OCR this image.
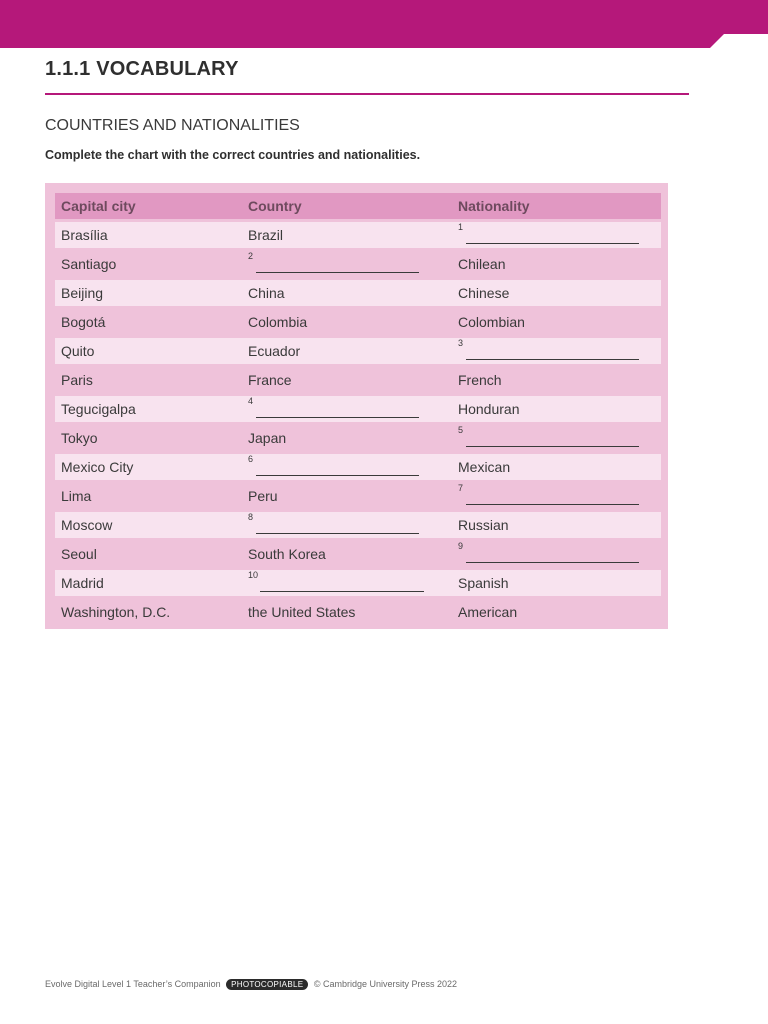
1.1.1 VOCABULARY
COUNTRIES AND NATIONALITIES

Complete the chart with the correct countries and nationalities.

Capital city	Country	Nationality
Brasília	Brazil	1

Santiago	2	Chilean
Beijing	China	Chinese
Bogotá	Colombia	Colombian
Quito	Ecuador	3

Paris	France	French
Tegucigalpa	4	Honduran
Tokyo	Japan	5

Mexico City	6	Mexican
Lima	Peru	7

Moscow	8	Russian
Seoul	South Korea	9

Madrid	10	Spanish
Washington, D.C.	the United States	American
Evolve Digital Level 1 Teacher’s Companion PHOTOCOPIABLE © Cambridge University Press 2022
